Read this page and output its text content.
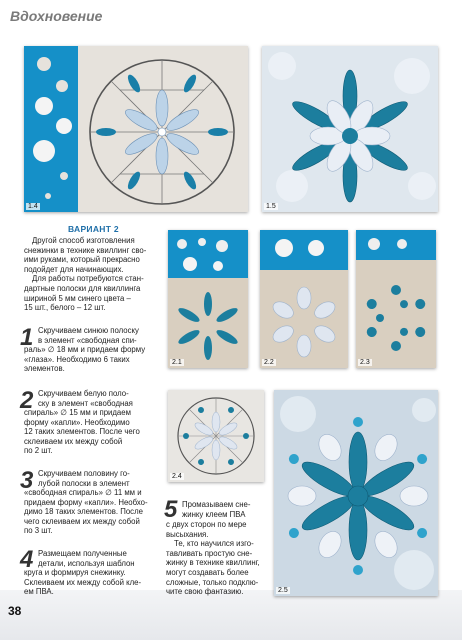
Вдохновение
1.4	1.5
2.1	2.2	2.3
2.4
2.5
ВАРИАНТ 2

Другой способ изготовления

снежинки в технике квиллинг сво-
ими руками, который прекрасно
подойдет для начинающих.

Для работы потребуются стан-

дартные полоски для квиллинга
шириной 5 мм синего цвета –
15 шт., белого – 12 шт.
1 Скручиваем синюю полоску
в элемент «свободная спи-
раль» ∅ 18 мм и придаем форму
«глаза». Необходимо 6 таких
элементов.
2 Скручиваем белую поло-
ску в элемент «свободная
спираль» ∅ 15 мм и придаем
форму «капли». Необходимо
12 таких элементов. После чего
склеиваем их между собой
по 2 шт.
3 Скручиваем половину го-
лубой полоски в элемент
«свободная спираль» ∅ 11 мм и
придаем форму «капли». Необхо-
димо 18 таких элементов. После
чего склеиваем их между собой
по 3 шт.
4 Размещаем полученные
детали, используя шаблон
круга и формируя снежинку.
Склеиваем их между собой кле-
ем ПВА.
5 Промазываем сне-
жинку клеем ПВА
с двух сторон по мере
высыхания.

Те, кто научился изго-

тавливать простую сне-
жинку в технике квиллинг,
могут создавать более
сложные, только подклю-
чите свою фантазию.
38
